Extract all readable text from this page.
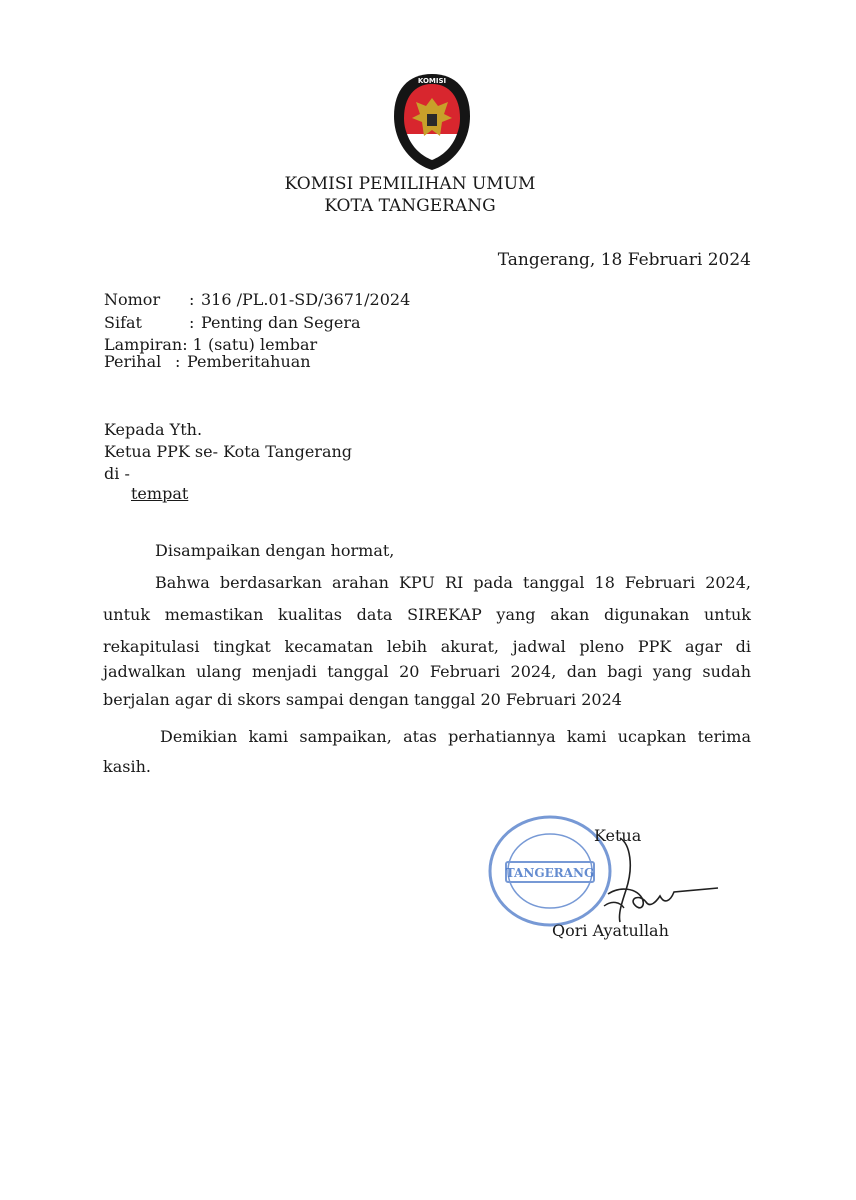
KOMISI
KOMISI PEMILIHAN UMUM
KOTA TANGERANG
Tangerang, 18 Februari 2024
Nomor : 316 /PL.01-SD/3671/2024
Sifat	: Penting dan Segera
Lampiran: 1 (satu) lembar
Perihal : Pemberitahuan
Kepada Yth.
Ketua PPK se- Kota Tangerang
di -
tempat
Disampaikan dengan hormat,
Bahwa berdasarkan arahan KPU RI pada tanggal 18 Februari 2024,
untuk memastikan kualitas data SIREKAP yang akan digunakan untuk
rekapitulasi tingkat kecamatan lebih akurat, jadwal pleno PPK agar di
jadwalkan ulang menjadi tanggal 20 Februari 2024, dan bagi yang sudah
berjalan agar di skors sampai dengan tanggal 20 Februari 2024
Demikian kami sampaikan, atas perhatiannya kami ucapkan terima
kasih.
TANGERANG
Ketua
Qori Ayatullah
